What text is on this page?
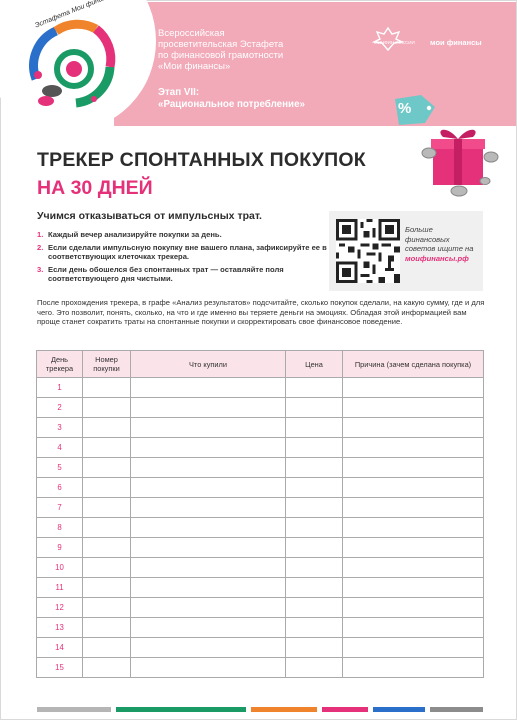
Всероссийская
просветительская Эстафета
по финансовой грамотности
«Мои финансы»
Этап VII:
«Рациональное потребление»
МИНФИН РОССИИ мои финансы
%
ТРЕКЕР СПОНТАННЫХ ПОКУПОК
НА 30 ДНЕЙ
Учимся отказываться от импульсных трат.
1. Каждый вечер анализируйте покупки за день.
2. Если сделали импульсную покупку вне вашего плана, зафиксируйте ее в соответствующих клеточках трекера.
3. Если день обошелся без спонтанных трат — оставляйте поля соответствующего дня чистыми.
Больше финансовых советов ищите на
моифинансы.рф

После прохождения трекера, в графе «Анализ результатов» подсчитайте, сколько покупок сделали, на какую сумму, где и для чего. Это позволит, понять, сколько, на что и где именно вы теряете деньги на эмоциях. Обладая этой информацией вам проще станет сократить траты на спонтанные покупки и скорректировать свое финансовое поведение.

День трекера	Номер покупки	Что купили	Цена	Причина (зачем сделана покупка)
1				
2				
3				
4				
5				
6				
7				
8				
9				
10				
11				
12				
13				
14				
15				
